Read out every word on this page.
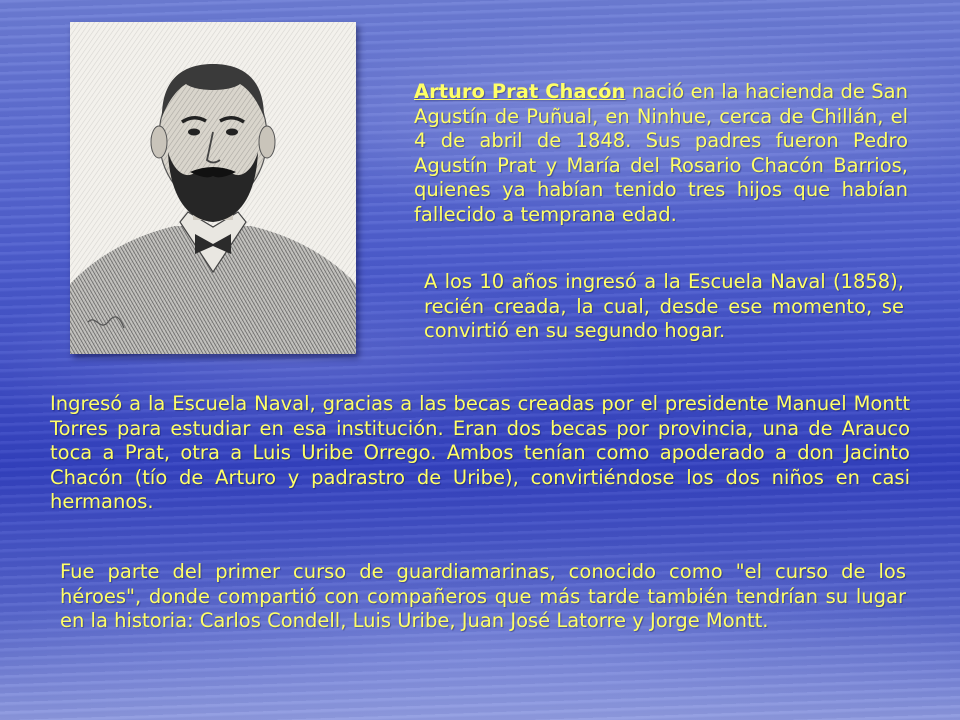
Arturo Prat Chacón nació en la hacienda de San Agustín de Puñual, en Ninhue, cerca de Chillán, el 4 de abril de 1848. Sus padres fueron Pedro Agustín Prat y María del Rosario Chacón Barrios, quienes ya habían tenido tres hijos que habían fallecido a temprana edad.

A los 10 años ingresó a la Escuela Naval (1858), recién creada, la cual, desde ese momento, se convirtió en su segundo hogar.

Ingresó a la Escuela Naval, gracias a las becas creadas por el presidente Manuel Montt Torres para estudiar en esa institución. Eran dos becas por provincia, una de Arauco toca a Prat, otra a Luis Uribe Orrego. Ambos tenían como apoderado a don Jacinto Chacón (tío de Arturo y padrastro de Uribe), convirtiéndose los dos niños en casi hermanos.

Fue parte del primer curso de guardiamarinas, conocido como "el curso de los héroes", donde compartió con compañeros que más tarde también tendrían su lugar en la historia: Carlos Condell, Luis Uribe, Juan José Latorre y Jorge Montt.
